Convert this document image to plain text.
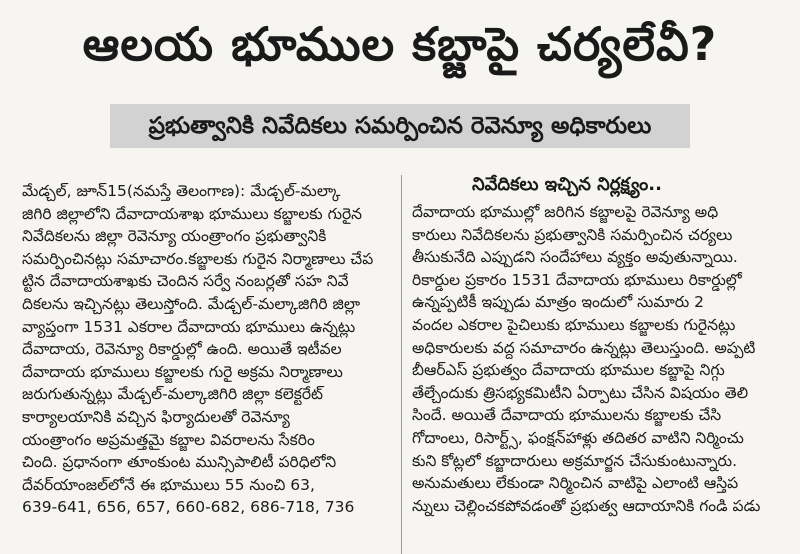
ఆలయ భూముల కబ్జాపై చర్యలేవీ?
ప్రభుత్వానికి నివేదికలు సమర్పించిన రెవెన్యూ అధికారులు
మేడ్చల్, జూన్15(నమస్తే తెలంగాణ): మేడ్చల్-మల్కా
జిగిరి జిల్లాలోని దేవాదాయశాఖ భూములు కబ్జాలకు గురైన
నివేదికలను జిల్లా రెవెన్యూ యంత్రాంగం ప్రభుత్వానికి
సమర్పించినట్లు సమాచారం.కబ్జాలకు గురైన నిర్మాణాలు చేప
ట్టిన దేవాదాయశాఖకు చెందిన సర్వే నంబర్లతో సహ నివే
దికలను ఇచ్చినట్లు తెలుస్తోంది. మేడ్చల్-మల్కాజిగిరి జిల్లా
వ్యాప్తంగా 1531 ఎకరాల దేవాదాయ భూములు ఉన్నట్లు
దేవాదాయ, రెవెన్యూ రికార్డుల్లో ఉంది. అయితే ఇటీవల
దేవాదాయ భూములు కబ్జాలకు గురై అక్రమ నిర్మాణాలు
జరుగుతున్నట్లు మేడ్చల్-మల్కాజిగిరి జిల్లా కలెక్టరేట్
కార్యాలయానికి వచ్చిన ఫిర్యాదులతో రెవెన్యూ
యంత్రాంగం అప్రమత్తమై కబ్జాల వివరాలను సేకరిం
చింది. ప్రధానంగా తూంకుంట మున్సిపాలిటీ పరిధిలోని
దేవర్‌యాంజల్‌లోనే ఈ భూములు 55 నుంచి 63,
639-641, 656, 657, 660-682, 686-718, 736
నివేదికలు ఇచ్చిన నిర్లక్ష్యం..
దేవాదాయ భూముల్లో జరిగిన కబ్జాలపై రెవెన్యూ అధి
కారులు నివేదికలను ప్రభుత్వానికి సమర్పించిన చర్యలు
తీసుకునేది ఎప్పుడని సందేహాలు వ్యక్తం అవుతున్నాయి.
రికార్డుల ప్రకారం 1531 దేవాదాయ భూములు రికార్డుల్లో
ఉన్నప్పటికీ ఇప్పుడు మాత్రం ఇందులో సుమారు 2
వందల ఎకరాల పైచిలుకు భూములు కబ్జాలకు గురైనట్లు
అధికారులకు వద్ద సమాచారం ఉన్నట్లు తెలుస్తుంది. అప్పటి
బీఆర్ఎస్ ప్రభుత్వం దేవాదాయ భూముల కబ్జాపై నిగ్గు
తేల్చేందుకు త్రిసభ్యకమిటీని ఏర్పాటు చేసిన విషయం తెలి
సిందే. అయితే దేవాదాయ భూములను కబ్జాలకు చేసి
గోదాంలు, రిసార్ట్స్, ఫంక్షన్‌హాళ్లు తదితర వాటిని నిర్మించు
కుని కోట్లలో కబ్జాదారులు అక్రమార్జన చేసుకుంటున్నారు.
అనుమతులు లేకుండా నిర్మించిన వాటిపై ఎలాంటి ఆస్తిప
న్నులు చెల్లించకపోవడంతో ప్రభుత్వ ఆదాయానికి గండి పడు
